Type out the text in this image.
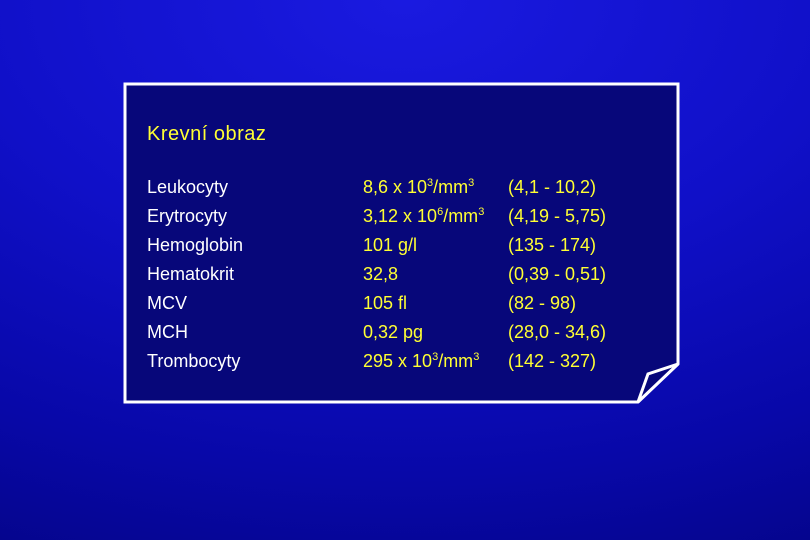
Krevní obraz
Leukocyty
Erytrocyty
Hemoglobin
Hematokrit
MCV
MCH
Trombocyty
8,6 x $10^3/mm^3$
3,12 x $10^6/mm^3$
101 g/l
32,8
105 fl
0,32 pg
295 x $10^3/mm^3$
(4,1 - 10,2)
(4,19 - 5,75)
(135 - 174)
(0,39 - 0,51)
(82 - 98)
(28,0 - 34,6)
(142 - 327)
